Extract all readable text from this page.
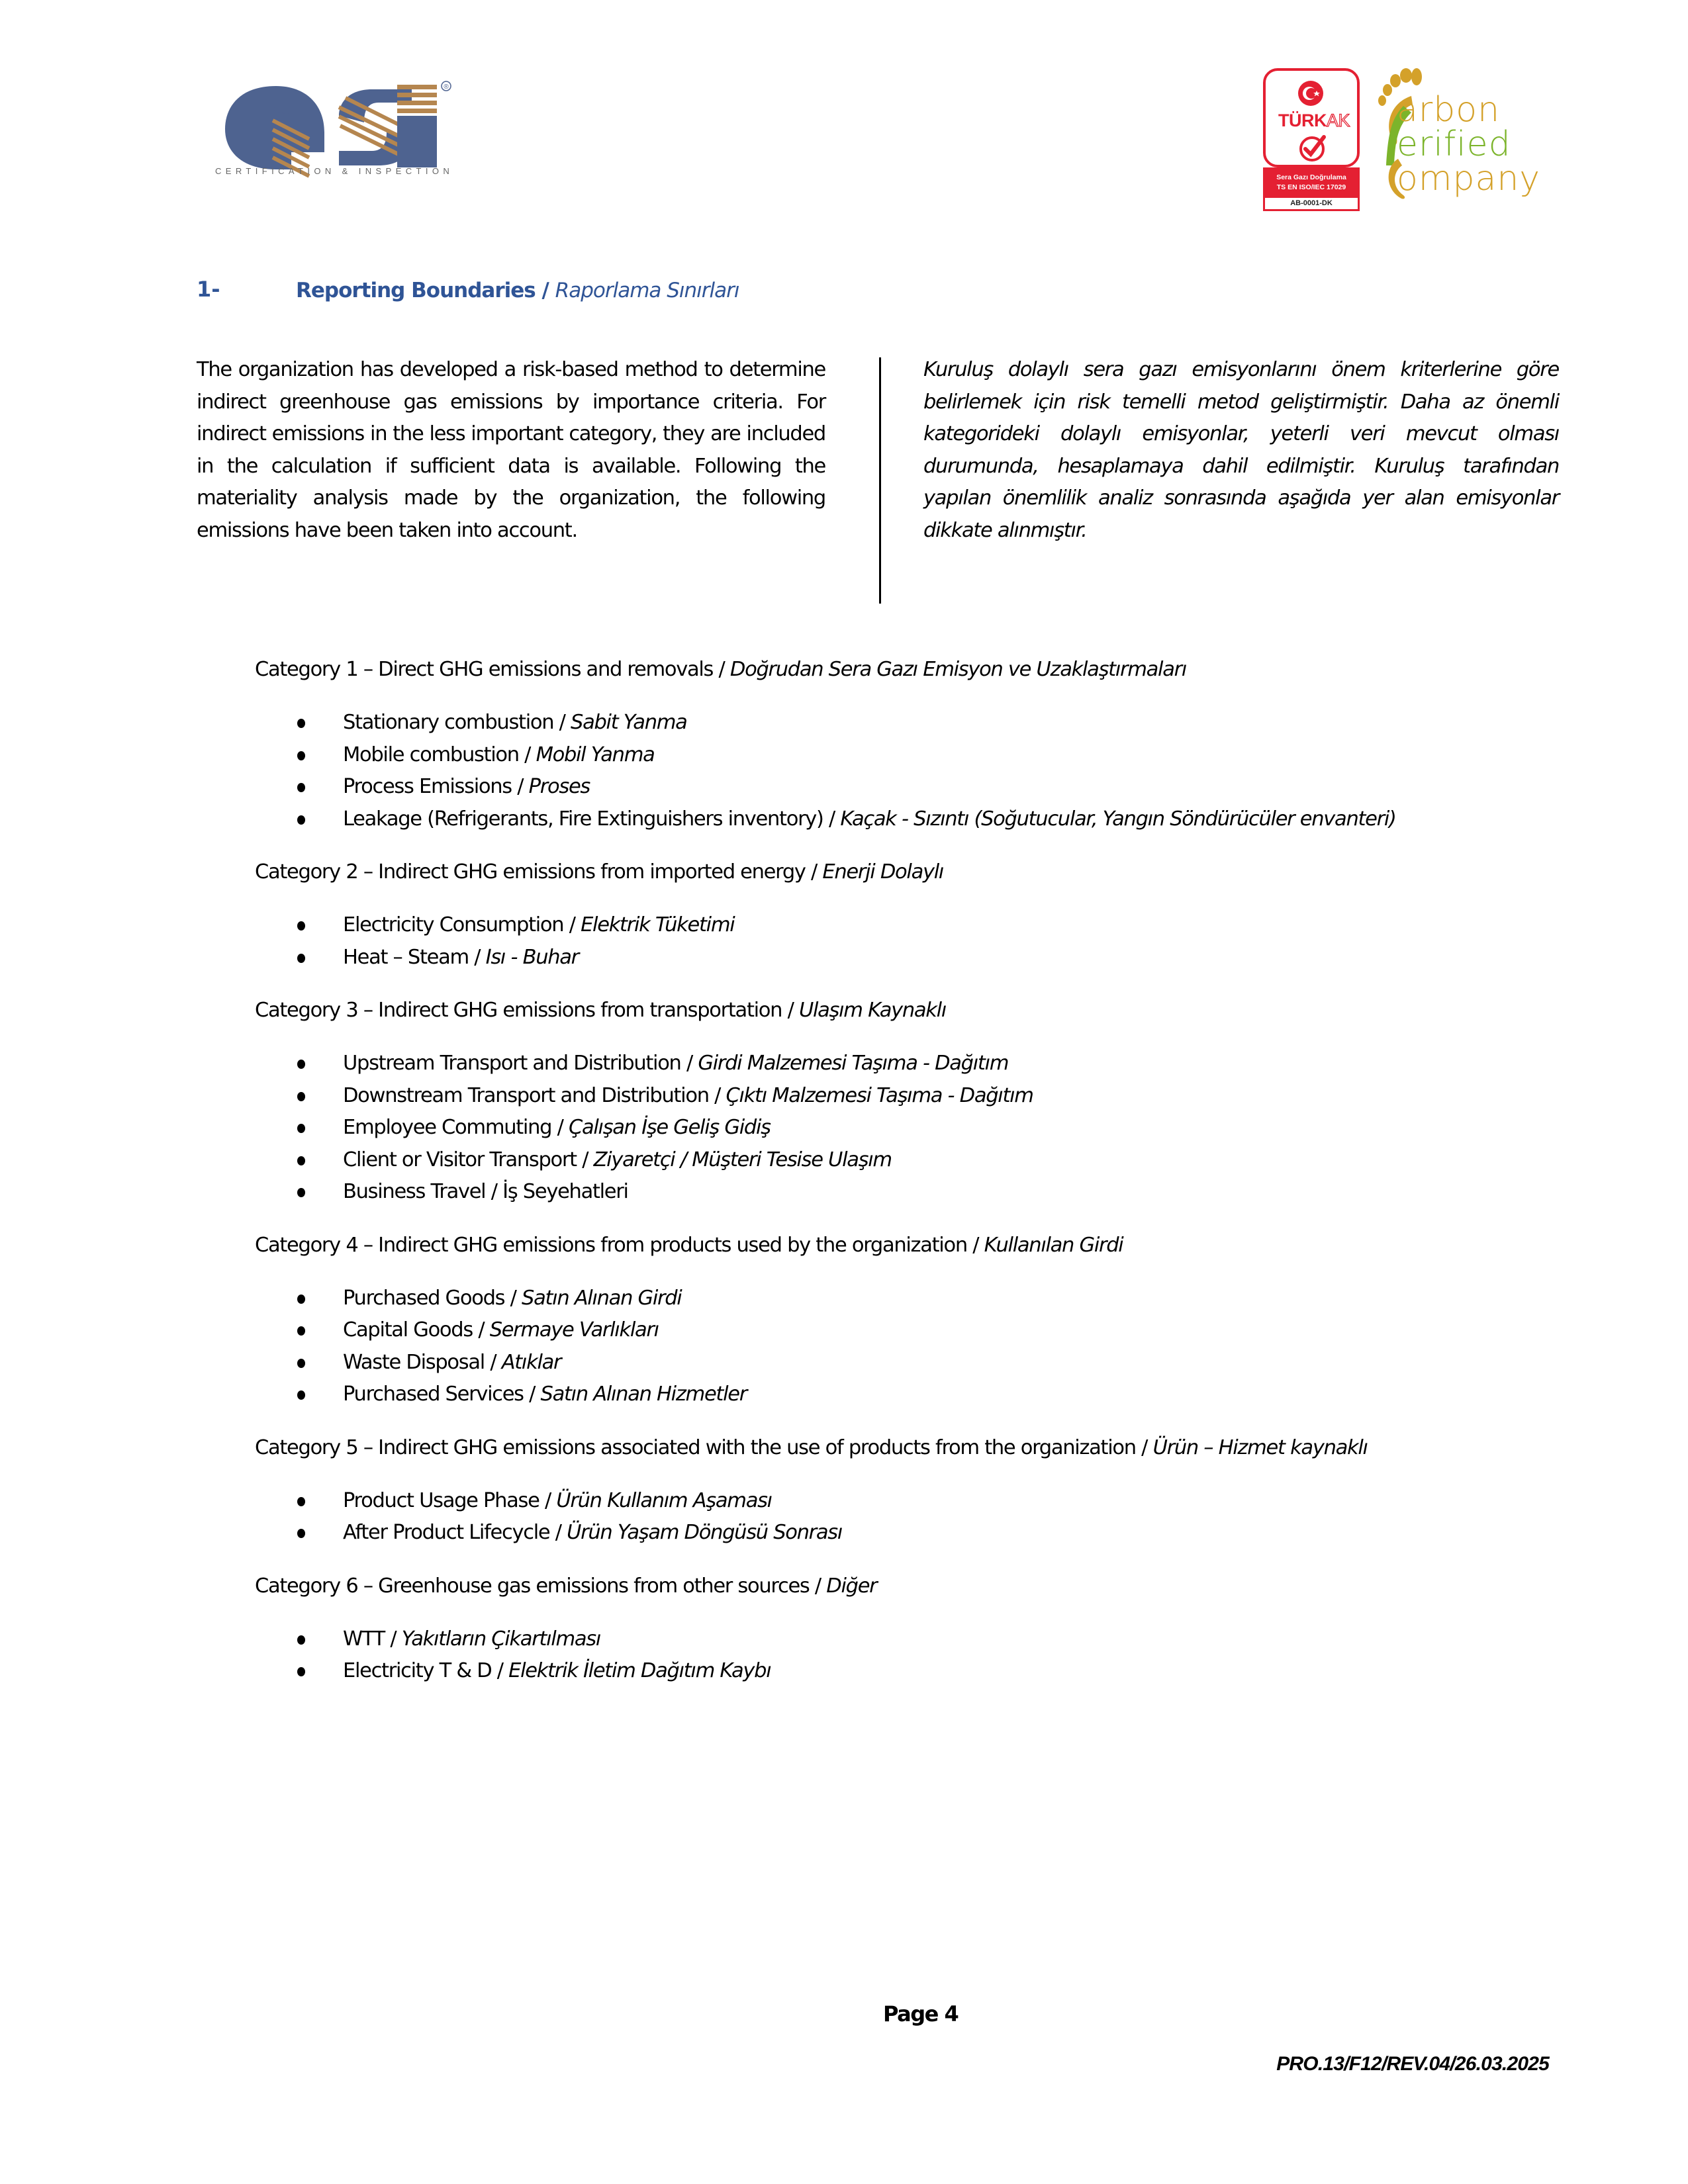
®
CERTIFICATION & INSPECTION
TÜRKAK
Sera Gazı Doğrulama
TS EN ISO/IEC 17029
AB-0001-DK
arbon
erified
ompany
1-	Reporting Boundaries / Raporlama Sınırları
The organization has developed a risk-based method to determine indirect greenhouse gas emissions by importance criteria. For indirect emissions in the less important category, they are included in the calculation if sufficient data is available. Following the materiality analysis made by the organization, the following emissions have been taken into account.
Kuruluş dolaylı sera gazı emisyonlarını önem kriterlerine göre belirlemek için risk temelli metod geliştirmiştir. Daha az önemli kategorideki dolaylı emisyonlar, yeterli veri mevcut olması durumunda, hesaplamaya dahil edilmiştir. Kuruluş tarafından yapılan önemlilik analiz sonrasında aşağıda yer alan emisyonlar dikkate alınmıştır.

Category 1 – Direct GHG emissions and removals / Doğrudan Sera Gazı Emisyon ve Uzaklaştırmaları

Stationary combustion / Sabit Yanma
Mobile combustion / Mobil Yanma
Process Emissions / Proses
Leakage (Refrigerants, Fire Extinguishers inventory) / Kaçak - Sızıntı (Soğutucular, Yangın Söndürücüler envanteri)

Category 2 – Indirect GHG emissions from imported energy / Enerji Dolaylı

Electricity Consumption / Elektrik Tüketimi
Heat – Steam / Isı - Buhar

Category 3 – Indirect GHG emissions from transportation / Ulaşım Kaynaklı

Upstream Transport and Distribution / Girdi Malzemesi Taşıma - Dağıtım
Downstream Transport and Distribution / Çıktı Malzemesi Taşıma - Dağıtım
Employee Commuting / Çalışan İşe Geliş Gidiş
Client or Visitor Transport / Ziyaretçi / Müşteri Tesise Ulaşım
Business Travel / İş Seyehatleri

Category 4 – Indirect GHG emissions from products used by the organization / Kullanılan Girdi

Purchased Goods / Satın Alınan Girdi
Capital Goods / Sermaye Varlıkları
Waste Disposal / Atıklar
Purchased Services / Satın Alınan Hizmetler

Category 5 – Indirect GHG emissions associated with the use of products from the organization / Ürün – Hizmet kaynaklı

Product Usage Phase / Ürün Kullanım Aşaması
After Product Lifecycle / Ürün Yaşam Döngüsü Sonrası

Category 6 – Greenhouse gas emissions from other sources / Diğer

WTT / Yakıtların Çikartılması
Electricity T & D / Elektrik İletim Dağıtım Kaybı
Page 4
PRO.13/F12/REV.04/26.03.2025
